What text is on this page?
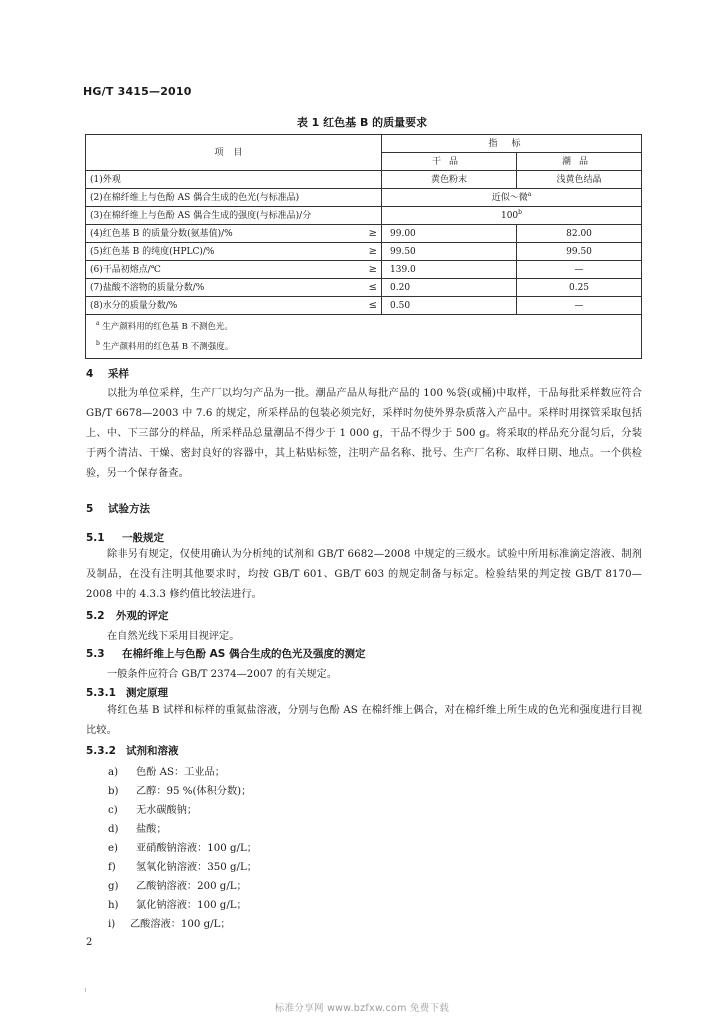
HG/T 3415—2010
表 1 红色基 B 的质量要求
项目	指标	
	干品	潮品
(1)外观	黄色粉末	浅黄色结晶
(2)在棉纤维上与色酚 AS 偶合生成的色光(与标准品)	近似～微$^a$
(3)在棉纤维上与色酚 AS 偶合生成的强度(与标准品)/分	100$^b$
(4)红色基 B 的质量分数(氨基值)/% ≥	99.00	82.00
(5)红色基 B 的纯度(HPLC)/% ≥	99.50	99.50
(6)干品初熔点/℃ ≥	139.0	—
(7)盐酸不溶物的质量分数/% ≤	0.20	0.25
(8)水分的质量分数/% ≤	0.50	—
$^a$ 生产颜料用的红色基 B 不测色光。		
$^b$ 生产颜料用的红色基 B 不测强度。		
4 采样
以批为单位采样，生产厂以均匀产品为一批。潮品产品从每批产品的 100 %袋(或桶)中取样，干品每批采样数应符合 GB/T 6678—2003 中 7.6 的规定，所采样品的包装必须完好，采样时勿使外界杂质落入产品中。采样时用探管采取包括上、中、下三部分的样品，所采样品总量潮品不得少于 1 000 g，干品不得少于 500 g。将采取的样品充分混匀后，分装于两个清洁、干燥、密封良好的容器中，其上粘贴标签，注明产品名称、批号、生产厂名称、取样日期、地点。一个供检验，另一个保存备查。
5 试验方法
5.1 一般规定
除非另有规定，仅使用确认为分析纯的试剂和 GB/T 6682—2008 中规定的三级水。试验中所用标准滴定溶液、制剂及制品，在没有注明其他要求时，均按 GB/T 601、GB/T 603 的规定制备与标定。检验结果的判定按 GB/T 8170—2008 中的 4.3.3 修约值比较法进行。
5.2 外观的评定
在自然光线下采用目视评定。
5.3 在棉纤维上与色酚 AS 偶合生成的色光及强度的测定
一般条件应符合 GB/T 2374—2007 的有关规定。
5.3.1 测定原理
将红色基 B 试样和标样的重氮盐溶液，分别与色酚 AS 在棉纤维上偶合，对在棉纤维上所生成的色光和强度进行目视比较。
5.3.2 试剂和溶液
a) 色酚 AS：工业品；
b) 乙醇：95 %(体积分数)；
c) 无水碳酸钠；
d) 盐酸；
e) 亚硝酸钠溶液：100 g/L；
f) 氢氧化钠溶液：350 g/L；
g) 乙酸钠溶液：200 g/L；
h) 氯化钠溶液：100 g/L；
i) 乙酸溶液：100 g/L；
2
标准分享网 www.bzfxw.com 免费下载
